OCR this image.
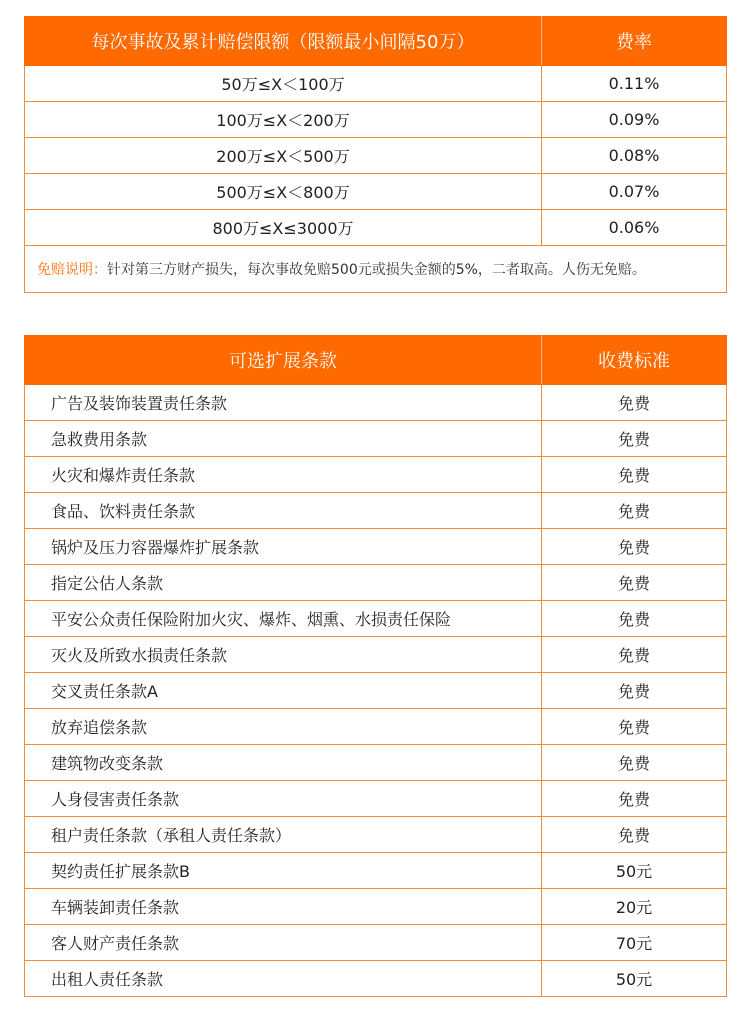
每次事故及累计赔偿限额（限额最小间隔50万）	费率
50万≤X＜100万	0.11%
100万≤X＜200万	0.09%
200万≤X＜500万	0.08%
500万≤X＜800万	0.07%
800万≤X≤3000万	0.06%
免赔说明：针对第三方财产损失，每次事故免赔500元或损失金额的5%，二者取高。人伤无免赔。	
可选扩展条款	收费标准
广告及装饰装置责任条款	免费
急救费用条款	免费
火灾和爆炸责任条款	免费
食品、饮料责任条款	免费
锅炉及压力容器爆炸扩展条款	免费
指定公估人条款	免费
平安公众责任保险附加火灾、爆炸、烟熏、水损责任保险	免费
灭火及所致水损责任条款	免费
交叉责任条款A	免费
放弃追偿条款	免费
建筑物改变条款	免费
人身侵害责任条款	免费
租户责任条款（承租人责任条款）	免费
契约责任扩展条款B	50元
车辆装卸责任条款	20元
客人财产责任条款	70元
出租人责任条款	50元
